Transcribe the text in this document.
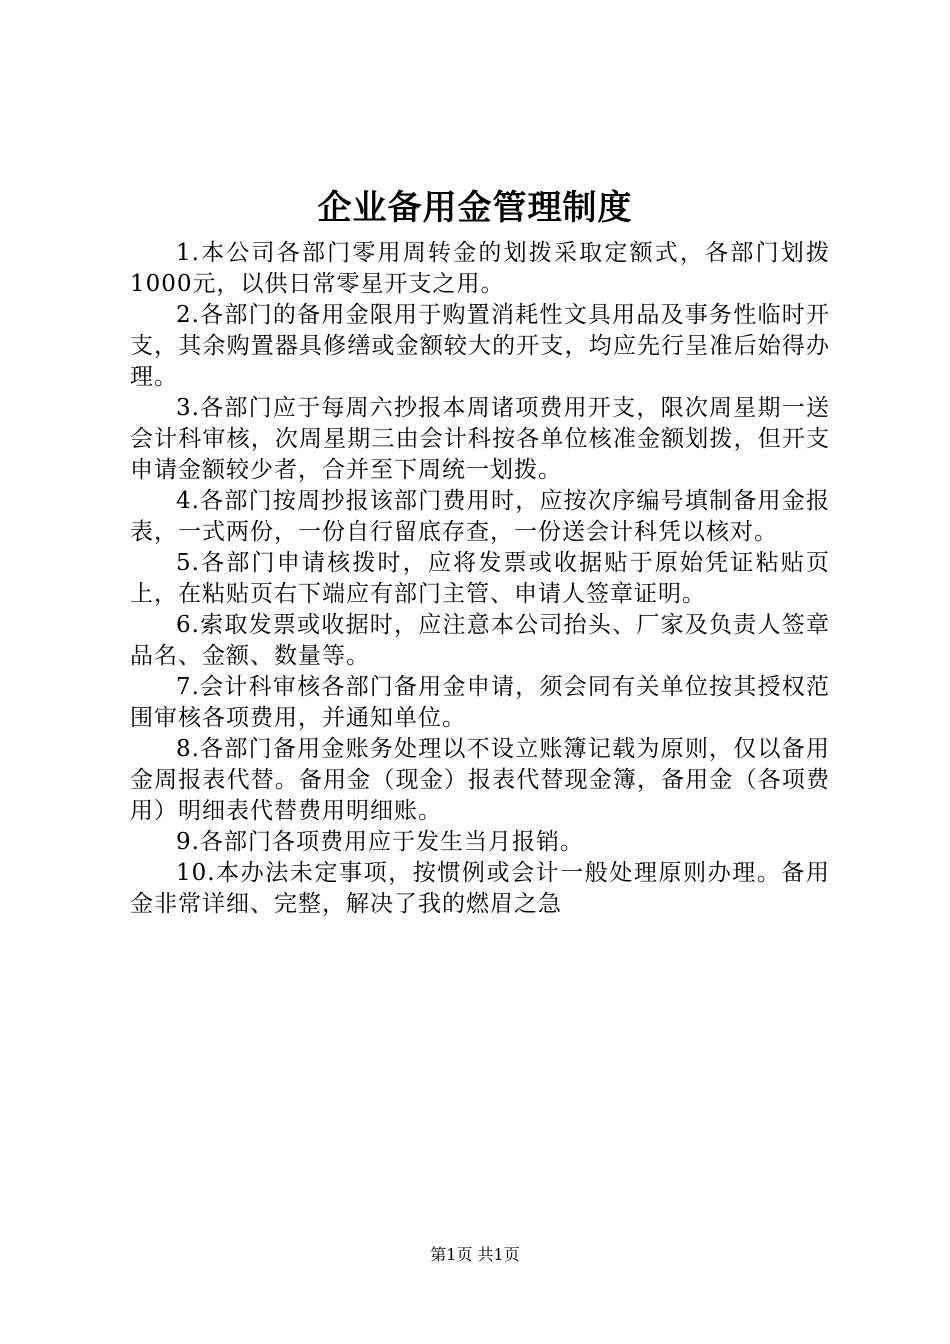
企业备用金管理制度

1.本公司各部门零用周转金的划拨采取定额式，各部门划拨1000元，以供日常零星开支之用。

2.各部门的备用金限用于购置消耗性文具用品及事务性临时开支，其余购置器具修缮或金额较大的开支，均应先行呈准后始得办理。

3.各部门应于每周六抄报本周诸项费用开支，限次周星期一送会计科审核，次周星期三由会计科按各单位核准金额划拨，但开支申请金额较少者，合并至下周统一划拨。

4.各部门按周抄报该部门费用时，应按次序编号填制备用金报表，一式两份，一份自行留底存查，一份送会计科凭以核对。

5.各部门申请核拨时，应将发票或收据贴于原始凭证粘贴页上，在粘贴页右下端应有部门主管、申请人签章证明。

6.索取发票或收据时，应注意本公司抬头、厂家及负责人签章品名、金额、数量等。

7.会计科审核各部门备用金申请，须会同有关单位按其授权范围审核各项费用，并通知单位。

8.各部门备用金账务处理以不设立账簿记载为原则，仅以备用金周报表代替。备用金（现金）报表代替现金簿，备用金（各项费用）明细表代替费用明细账。

9.各部门各项费用应于发生当月报销。

10.本办法未定事项，按惯例或会计一般处理原则办理。备用金非常详细、完整，解决了我的燃眉之急

第1页 共1页
